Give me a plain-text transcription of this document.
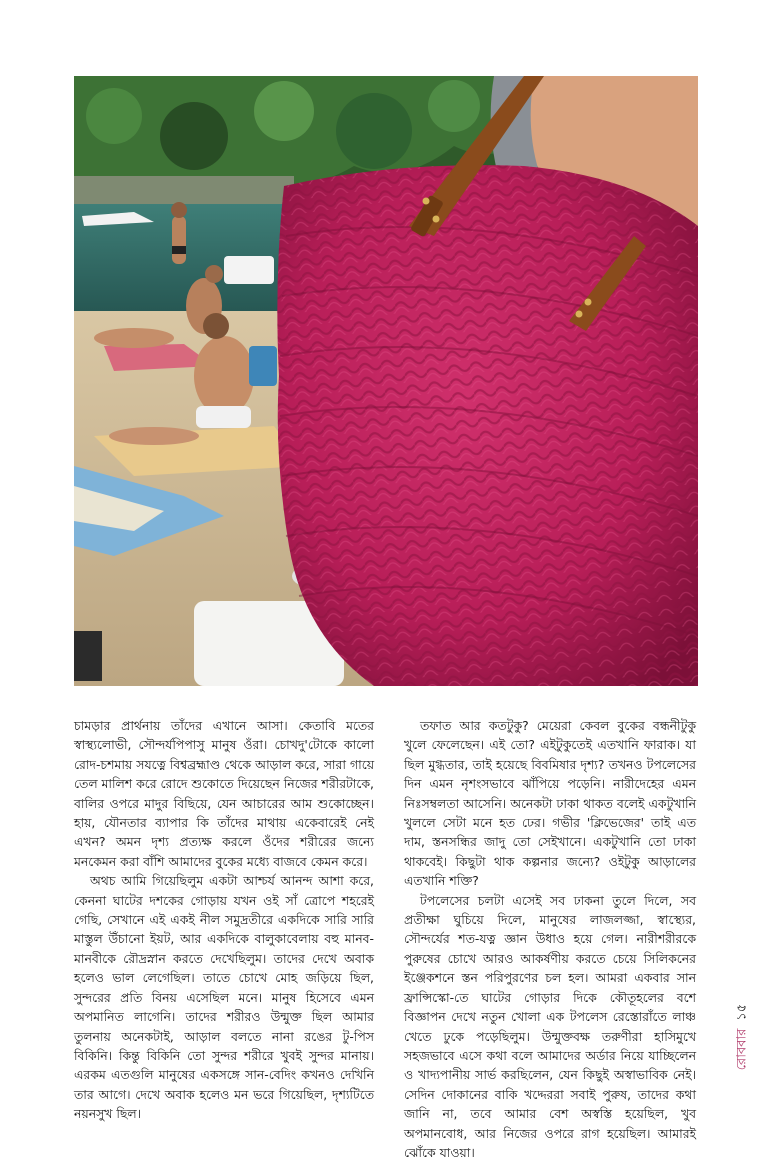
চামড়ার প্রার্থনায় তাঁদের এখানে আসা। কেতাবি মতের স্বাস্থ্যলোভী, সৌন্দর্যপিপাসু মানুষ ওঁরা। চোখদু'টোকে কালো রোদ-চশমায় সযত্নে বিশ্বব্রহ্মাণ্ড থেকে আড়াল করে, সারা গায়ে তেল মালিশ করে রোদে শুকোতে দিয়েছেন নিজের শরীরটাকে, বালির ওপরে মাদুর বিছিয়ে, যেন আচারের আম শুকোচ্ছেন। হায়, যৌনতার ব্যাপার কি তাঁদের মাথায় একেবারেই নেই এখন? অমন দৃশ্য প্রত্যক্ষ করলে ওঁদের শরীরের জন্যে মনকেমন করা বাঁশি আমাদের বুকের মধ্যে বাজবে কেমন করে।

অথচ আমি গিয়েছিলুম একটা আশ্চর্য আনন্দ আশা করে, কেননা ঘাটের দশকের গোড়ায় যখন ওই সাঁ ত্রোপে শহরেই গেছি, সেখানে এই একই নীল সমুদ্রতীরে একদিকে সারি সারি মাস্তুল উঁচানো ইয়ট, আর একদিকে বালুকাবেলায় বহু মানব-মানবীকে রৌদ্রস্নান করতে দেখেছিলুম। তাদের দেখে অবাক হলেও ভাল লেগেছিল। তাতে চোখে মোহ জড়িয়ে ছিল, সুন্দরের প্রতি বিনয় এসেছিল মনে। মানুষ হিসেবে এমন অপমানিত লাগেনি। তাদের শরীরও উন্মুক্ত ছিল আমার তুলনায় অনেকটাই, আড়াল বলতে নানা রঙের টু-পিস বিকিনি। কিন্তু বিকিনি তো সুন্দর শরীরে খুবই সুন্দর মানায়। এরকম এতগুলি মানুষের একসঙ্গে সান-বেদিং কখনও দেখিনি তার আগে। দেখে অবাক হলেও মন ভরে গিয়েছিল, দৃশ্যটিতে নয়নসুখ ছিল।

তফাত আর কতটুকু? মেয়েরা কেবল বুকের বন্ধনীটুকু খুলে ফেলেছেন। এই তো? এইটুকুতেই এতখানি ফারাক। যা ছিল মুগ্ধতার, তাই হয়েছে বিবমিষার দৃশ্য? তখনও টপলেসের দিন এমন নৃশংসভাবে ঝাঁপিয়ে পড়েনি। নারীদেহের এমন নিঃসম্বলতা আসেনি। অনেকটা ঢাকা থাকত বলেই একটুখানি খুললে সেটা মনে হত ঢের। গভীর 'ক্লিভেজের' তাই এত দাম, স্তনসন্ধির জাদু তো সেইখানে। একটুখানি তো ঢাকা থাকবেই। কিছুটা থাক কল্পনার জন্যে? ওইটুকু আড়ালের এতখানি শক্তি?

টপলেসের চলটা এসেই সব ঢাকনা তুলে দিলে, সব প্রতীক্ষা ঘুচিয়ে দিলে, মানুষের লাজলজ্জা, স্বাস্থ্যের, সৌন্দর্যের শত-যত্ন জ্ঞান উধাও হয়ে গেল। নারীশরীরকে পুরুষের চোখে আরও আকর্ষণীয় করতে চেয়ে সিলিকনের ইঞ্জেকশনে স্তন পরিপুরণের চল হল। আমরা একবার সান ফ্রান্সিস্কো-তে ঘাটের গোড়ার দিকে কৌতূহলের বশে বিজ্ঞাপন দেখে নতুন খোলা এক টপলেস রেস্তোরাঁতে লাঞ্চ খেতে ঢুকে পড়েছিলুম। উন্মুক্তবক্ষ তরুণীরা হাসিমুখে সহজভাবে এসে কথা বলে আমাদের অর্ডার নিয়ে যাচ্ছিলেন ও খাদ্যপানীয় সার্ভ করছিলেন, যেন কিছুই অস্বাভাবিক নেই। সেদিন দোকানের বাকি খদ্দেররা সবাই পুরুষ, তাদের কথা জানি না, তবে আমার বেশ অস্বস্তি হয়েছিল, খুব অপমানবোধ, আর নিজের ওপরে রাগ হয়েছিল। আমারই ঝোঁকে যাওয়া।

রোববার
১৫
